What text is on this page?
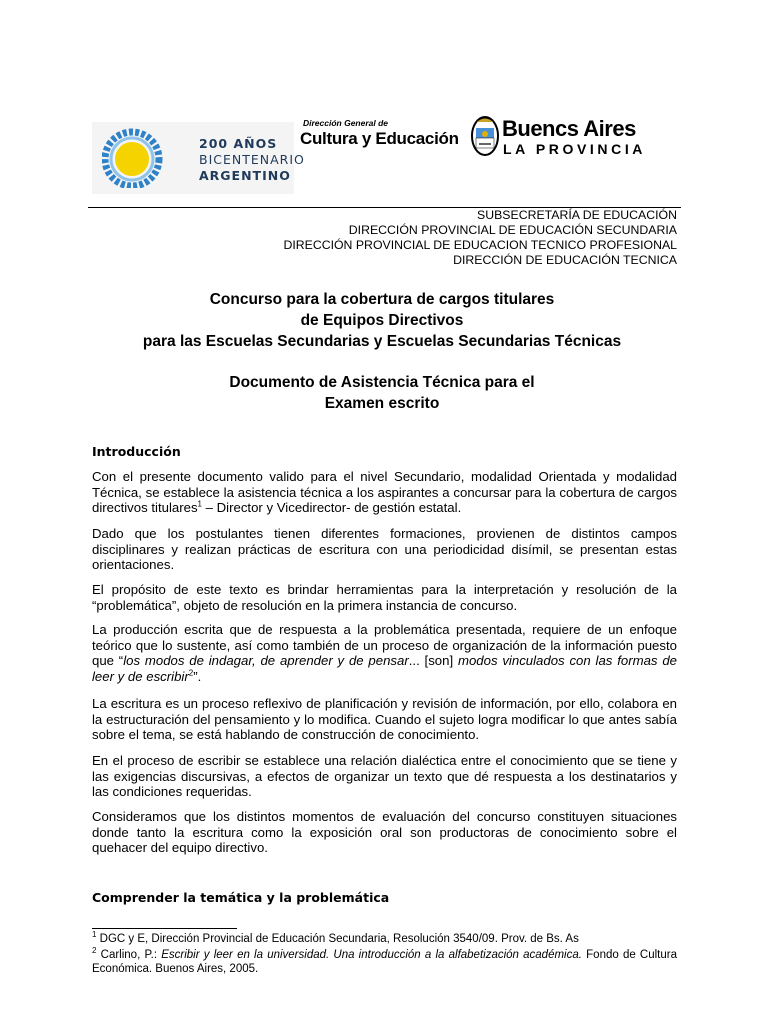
200 AÑOS
BICENTENARIO
ARGENTINO
Dirección General de
Cultura y Educación Buencs Aires
LA PROVINCIA
SUBSECRETARÍA DE EDUCACIÓN
DIRECCIÓN PROVINCIAL DE EDUCACIÓN SECUNDARIA
DIRECCIÓN PROVINCIAL DE EDUCACION TECNICO PROFESIONAL
DIRECCIÓN DE EDUCACIÓN TECNICA
Concurso para la cobertura de cargos titulares
de Equipos Directivos
para las Escuelas Secundarias y Escuelas Secundarias Técnicas
Documento de Asistencia Técnica para el
Examen escrito
Introducción
Con el presente documento valido para el nivel Secundario, modalidad Orientada y modalidad Técnica, se establece la asistencia técnica a los aspirantes a concursar para la cobertura de cargos directivos titulares$^1$ – Director y Vicedirector- de gestión estatal.
Dado que los postulantes tienen diferentes formaciones, provienen de distintos campos disciplinares y realizan prácticas de escritura con una periodicidad disímil, se presentan estas orientaciones.
El propósito de este texto es brindar herramientas para la interpretación y resolución de la “problemática”, objeto de resolución en la primera instancia de concurso.
La producción escrita que de respuesta a la problemática presentada, requiere de un enfoque teórico que lo sustente, así como también de un proceso de organización de la información puesto que “los modos de indagar, de aprender y de pensar... [son] modos vinculados con las formas de leer y de escribir$^2$”.
La escritura es un proceso reflexivo de planificación y revisión de información, por ello, colabora en la estructuración del pensamiento y lo modifica. Cuando el sujeto logra modificar lo que antes sabía sobre el tema, se está hablando de construcción de conocimiento.
En el proceso de escribir se establece una relación dialéctica entre el conocimiento que se tiene y las exigencias discursivas, a efectos de organizar un texto que dé respuesta a los destinatarios y las condiciones requeridas.
Consideramos que los distintos momentos de evaluación del concurso constituyen situaciones donde tanto la escritura como la exposición oral son productoras de conocimiento sobre el quehacer del equipo directivo.
Comprender la temática y la problemática
$^1$ DGC y E, Dirección Provincial de Educación Secundaria, Resolución 3540/09. Prov. de Bs. As
$^2$ Carlino, P.: Escribir y leer en la universidad. Una introducción a la alfabetización académica. Fondo de Cultura Económica. Buenos Aires, 2005.
